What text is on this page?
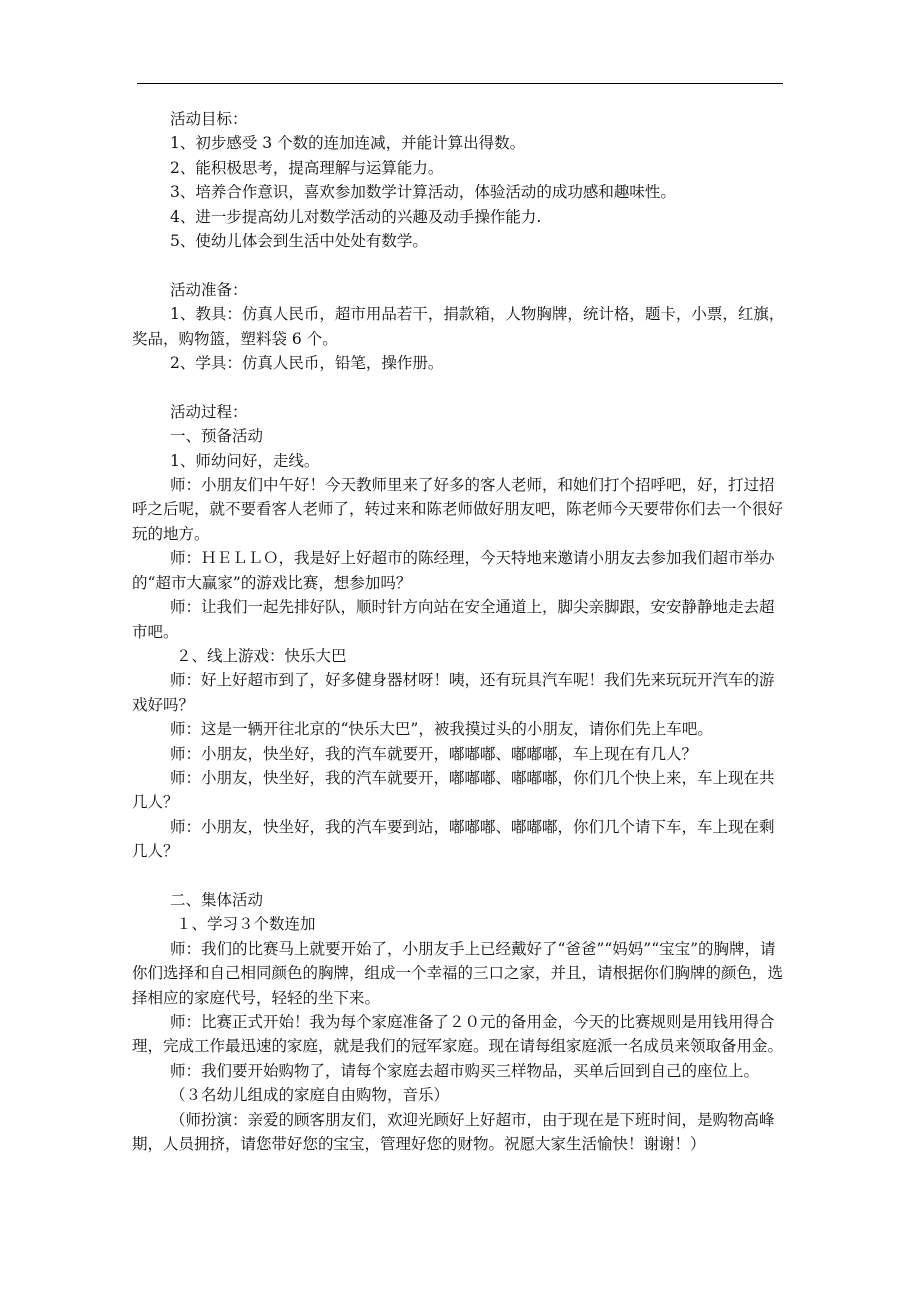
活动目标：
1、初步感受 3 个数的连加连减，并能计算出得数。
2、能积极思考，提高理解与运算能力。
3、培养合作意识，喜欢参加数学计算活动，体验活动的成功感和趣味性。
4、进一步提高幼儿对数学活动的兴趣及动手操作能力.
5、使幼儿体会到生活中处处有数学。
活动准备：
1、教具：仿真人民币，超市用品若干，捐款箱，人物胸牌，统计格，题卡，小票，红旗，奖品，购物篮，塑料袋 6 个。
2、学具：仿真人民币，铅笔，操作册。
活动过程：
一、预备活动
1、师幼问好，走线。
师：小朋友们中午好！今天教师里来了好多的客人老师，和她们打个招呼吧，好，打过招呼之后呢，就不要看客人老师了，转过来和陈老师做好朋友吧，陈老师今天要带你们去一个很好玩的地方。
师：ＨＥＬＬＯ，我是好上好超市的陈经理，今天特地来邀请小朋友去参加我们超市举办的“超市大赢家”的游戏比赛，想参加吗？
师：让我们一起先排好队，顺时针方向站在安全通道上，脚尖亲脚跟，安安静静地走去超市吧。
２、线上游戏：快乐大巴
师：好上好超市到了，好多健身器材呀！咦，还有玩具汽车呢！我们先来玩玩开汽车的游戏好吗？
师：这是一辆开往北京的“快乐大巴”，被我摸过头的小朋友，请你们先上车吧。
师：小朋友，快坐好，我的汽车就要开，嘟嘟嘟、嘟嘟嘟，车上现在有几人？
师：小朋友，快坐好，我的汽车就要开，嘟嘟嘟、嘟嘟嘟，你们几个快上来，车上现在共几人？
师：小朋友，快坐好，我的汽车要到站，嘟嘟嘟、嘟嘟嘟，你们几个请下车，车上现在剩几人？
二、集体活动
１、学习３个数连加
师：我们的比赛马上就要开始了，小朋友手上已经戴好了“爸爸”“妈妈”“宝宝”的胸牌，请你们选择和自己相同颜色的胸牌，组成一个幸福的三口之家，并且，请根据你们胸牌的颜色，选择相应的家庭代号，轻轻的坐下来。
师：比赛正式开始！我为每个家庭准备了２０元的备用金，今天的比赛规则是用钱用得合理，完成工作最迅速的家庭，就是我们的冠军家庭。现在请每组家庭派一名成员来领取备用金。
师：我们要开始购物了，请每个家庭去超市购买三样物品，买单后回到自己的座位上。
（３名幼儿组成的家庭自由购物，音乐）
（师扮演：亲爱的顾客朋友们，欢迎光顾好上好超市，由于现在是下班时间，是购物高峰期，人员拥挤，请您带好您的宝宝，管理好您的财物。祝愿大家生活愉快！谢谢！）
